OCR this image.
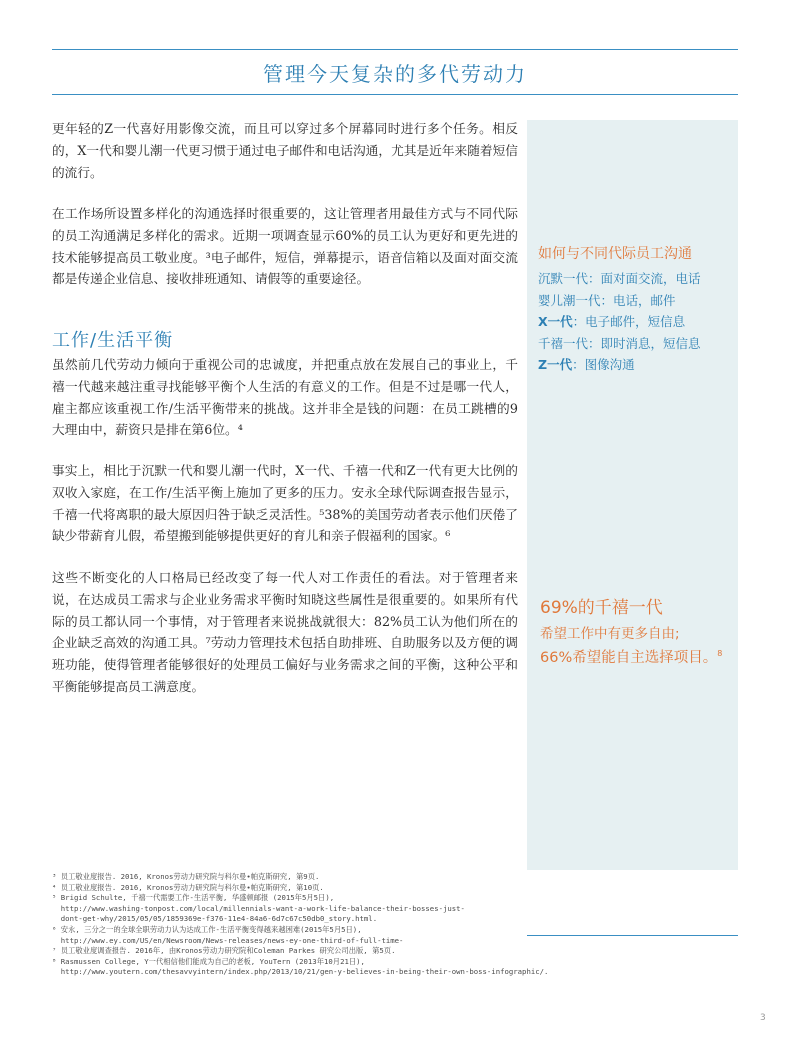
管理今天复杂的多代劳动力
如何与不同代际员工沟通
沉默一代：面对面交流，电话
婴儿潮一代：电话，邮件
X一代：电子邮件，短信息
千禧一代：即时消息，短信息
Z一代：图像沟通
69%的千禧一代
希望工作中有更多自由;
66%希望能自主选择项目。$^8$

更年轻的Z一代喜好用影像交流，而且可以穿过多个屏幕同时进行多个任务。相反的，X一代和婴儿潮一代更习惯于通过电子邮件和电话沟通，尤其是近年来随着短信的流行。

在工作场所设置多样化的沟通选择时很重要的，这让管理者用最佳方式与不同代际的员工沟通满足多样化的需求。近期一项调查显示60%的员工认为更好和更先进的技术能够提高员工敬业度。³电子邮件，短信，弹幕提示，语音信箱以及面对面交流都是传递企业信息、接收排班通知、请假等的重要途径。

工作/生活平衡

虽然前几代劳动力倾向于重视公司的忠诚度，并把重点放在发展自己的事业上，千禧一代越来越注重寻找能够平衡个人生活的有意义的工作。但是不过是哪一代人，雇主都应该重视工作/生活平衡带来的挑战。这并非全是钱的问题：在员工跳槽的9大理由中，薪资只是排在第6位。⁴

事实上，相比于沉默一代和婴儿潮一代时，X一代、千禧一代和Z一代有更大比例的双收入家庭，在工作/生活平衡上施加了更多的压力。安永全球代际调查报告显示，千禧一代将离职的最大原因归咎于缺乏灵活性。⁵38%的美国劳动者表示他们厌倦了缺少带薪育儿假，希望搬到能够提供更好的育儿和亲子假福利的国家。⁶

这些不断变化的人口格局已经改变了每一代人对工作责任的看法。对于管理者来说，在达成员工需求与企业业务需求平衡时知晓这些属性是很重要的。如果所有代际的员工都认同一个事情，对于管理者来说挑战就很大：82%员工认为他们所在的企业缺乏高效的沟通工具。⁷劳动力管理技术包括自助排班、自助服务以及方便的调班功能，使得管理者能够很好的处理员工偏好与业务需求之间的平衡，这种公平和平衡能够提高员工满意度。

³ 员工敬业度报告. 2016, Kronos劳动力研究院与科尔曼•帕克斯研究, 第9页.
⁴ 员工敬业度报告. 2016, Kronos劳动力研究院与科尔曼•帕克斯研究, 第10页.
⁵ Brigid Schulte, 千禧一代需要工作-生活平衡, 华盛顿邮报 (2015年5月5日),
http://www.washing-tonpost.com/local/millennials-want-a-work-life-balance-their-bosses-just-
dont-get-why/2015/05/05/1859369e-f376-11e4-84a6-6d7c67c50db0_story.html.
⁶ 安永, 三分之一的全球全职劳动力认为达成工作-生活平衡变得越来越困难(2015年5月5日),
http://www.ey.com/US/en/Newsroom/News-releases/news-ey-one-third-of-full-time-
⁷ 员工敬业度调查报告. 2016年, 由Kronos劳动力研究院和Coleman Parkes 研究公司出版, 第5页.
⁸ Rasmussen College, Y一代相信他们能成为自己的老板, YouTern (2013年10月21日),
http://www.youtern.com/thesavvyintern/index.php/2013/10/21/gen-y-believes-in-being-their-own-boss-infographic/.
3
